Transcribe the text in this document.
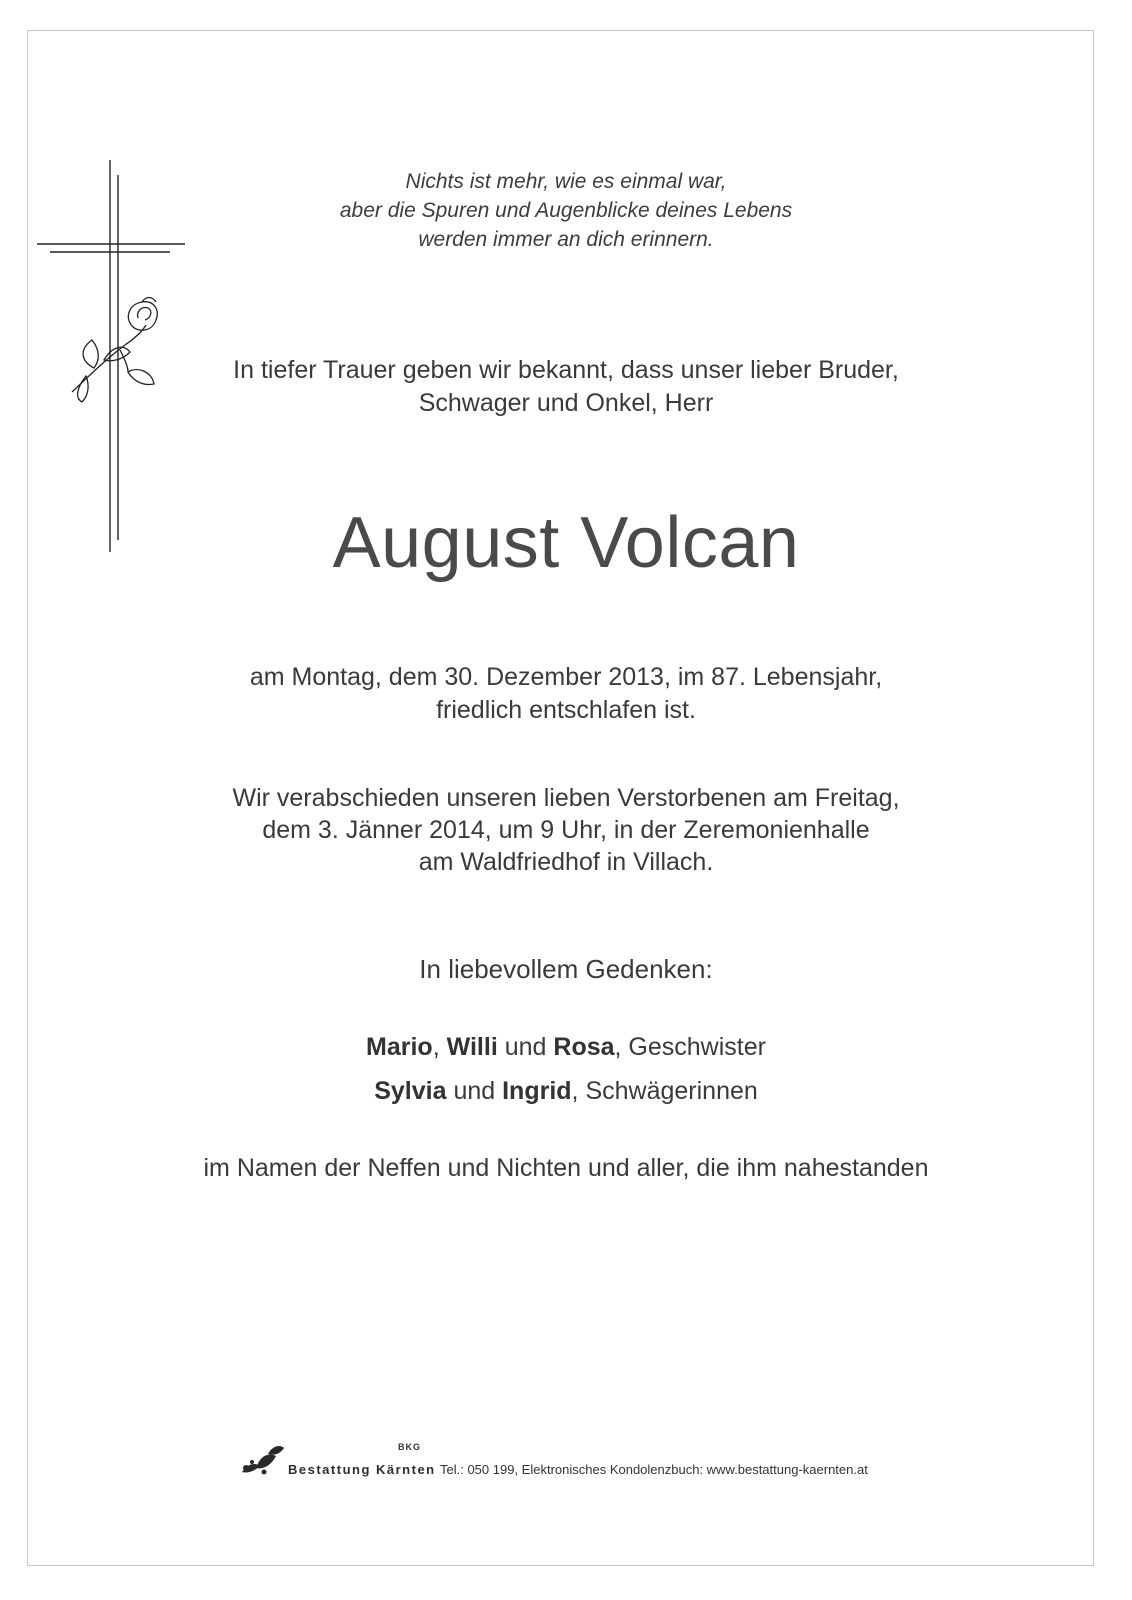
Nichts ist mehr, wie es einmal war,
aber die Spuren und Augenblicke deines Lebens
werden immer an dich erinnern.
In tiefer Trauer geben wir bekannt, dass unser lieber Bruder,
Schwager und Onkel, Herr
August Volcan
am Montag, dem 30. Dezember 2013, im 87. Lebensjahr,
friedlich entschlafen ist.
Wir verabschieden unseren lieben Verstorbenen am Freitag,
dem 3. Jänner 2014, um 9 Uhr, in der Zeremonienhalle
am Waldfriedhof in Villach.
In liebevollem Gedenken:
Mario, Willi und Rosa, Geschwister
Sylvia und Ingrid, Schwägerinnen
im Namen der Neffen und Nichten und aller, die ihm nahestanden
BKG
Bestattung Kärnten Tel.: 050 199, Elektronisches Kondolenzbuch: www.bestattung-kaernten.at
